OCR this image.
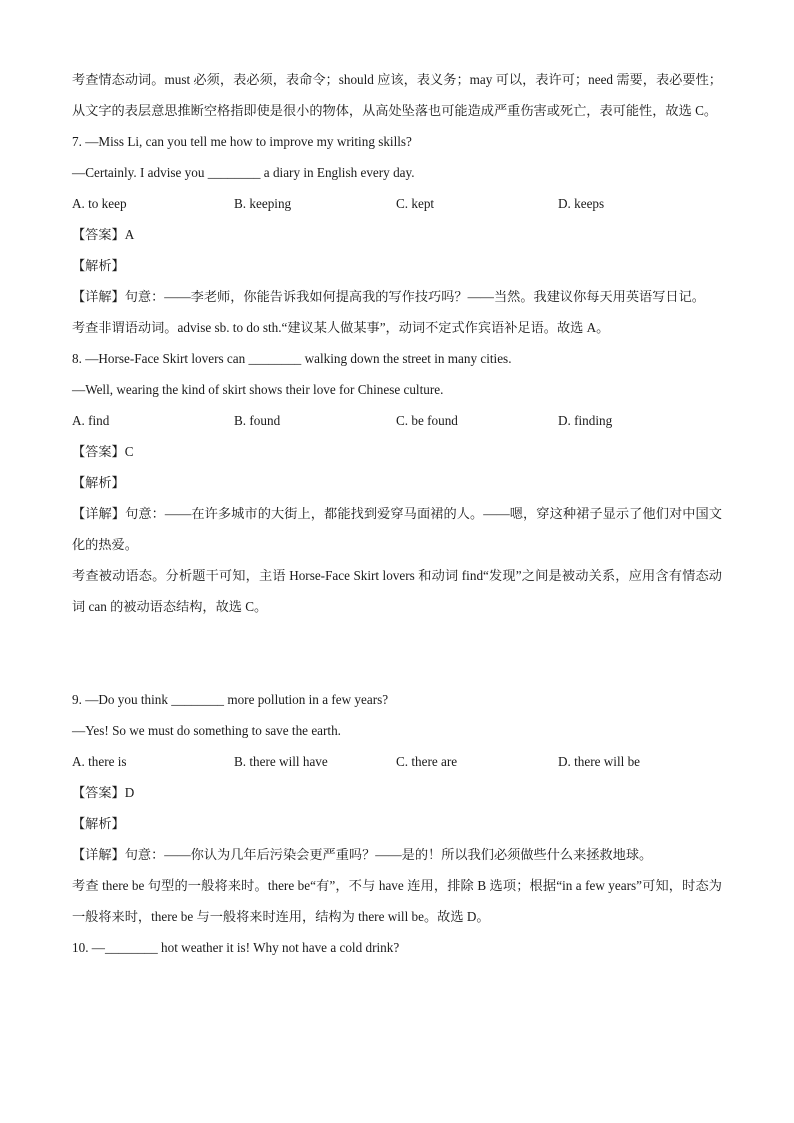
考查情态动词。must 必须，表必须，表命令；should 应该，表义务；may 可以，表许可；need 需要，表必要性；从文字的表层意思推断空格指即使是很小的物体，从高处坠落也可能造成严重伤害或死亡，表可能性，故选 C。
7. —Miss Li, can you tell me how to improve my writing skills?
—Certainly. I advise you ________ a diary in English every day.
A. to keep	B. keeping	C. kept	D. keeps
【答案】A
【解析】
【详解】句意：——李老师，你能告诉我如何提高我的写作技巧吗？——当然。我建议你每天用英语写日记。
考查非谓语动词。advise sb. to do sth.“建议某人做某事”，动词不定式作宾语补足语。故选 A。
8. —Horse-Face Skirt lovers can ________ walking down the street in many cities.
—Well, wearing the kind of skirt shows their love for Chinese culture.
A. find	B. found	C. be found	D. finding
【答案】C
【解析】
【详解】句意：——在许多城市的大街上，都能找到爱穿马面裙的人。——嗯，穿这种裙子显示了他们对中国文化的热爱。
考查被动语态。分析题干可知，主语 Horse-Face Skirt lovers 和动词 find“发现”之间是被动关系，应用含有情态动词 can 的被动语态结构，故选 C。
9. —Do you think ________ more pollution in a few years?
—Yes! So we must do something to save the earth.
A. there is	B. there will have	C. there are	D. there will be
【答案】D
【解析】
【详解】句意：——你认为几年后污染会更严重吗？——是的！所以我们必须做些什么来拯救地球。
考查 there be 句型的一般将来时。there be“有”，不与 have 连用，排除 B 选项；根据“in a few years”可知，时态为一般将来时，there be 与一般将来时连用，结构为 there will be。故选 D。
10. —________ hot weather it is! Why not have a cold drink?
